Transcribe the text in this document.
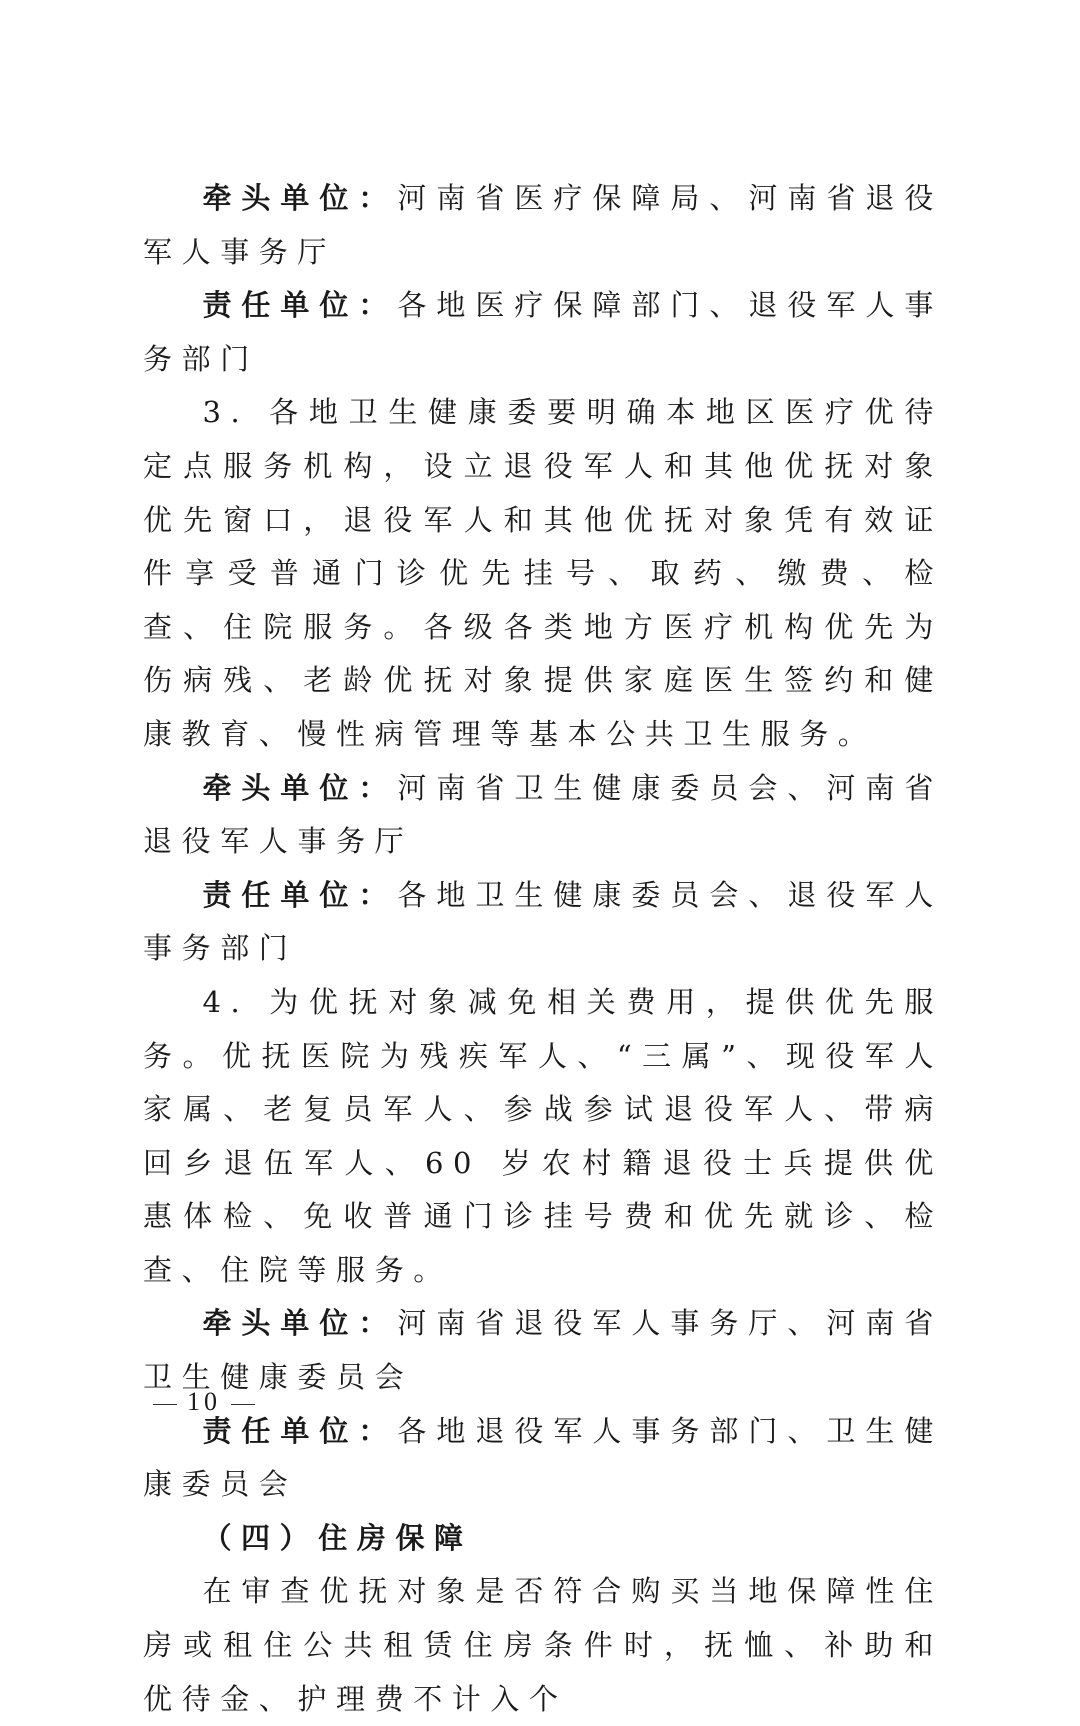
牵头单位：河南省医疗保障局、河南省退役军人事务厅

责任单位：各地医疗保障部门、退役军人事务部门

3. 各地卫生健康委要明确本地区医疗优待定点服务机构，设立退役军人和其他优抚对象优先窗口，退役军人和其他优抚对象凭有效证件享受普通门诊优先挂号、取药、缴费、检查、住院服务。各级各类地方医疗机构优先为伤病残、老龄优抚对象提供家庭医生签约和健康教育、慢性病管理等基本公共卫生服务。

牵头单位：河南省卫生健康委员会、河南省退役军人事务厅

责任单位：各地卫生健康委员会、退役军人事务部门

4. 为优抚对象减免相关费用，提供优先服务。优抚医院为残疾军人、“三属”、现役军人家属、老复员军人、参战参试退役军人、带病回乡退伍军人、60 岁农村籍退役士兵提供优惠体检、免收普通门诊挂号费和优先就诊、检查、住院等服务。

牵头单位：河南省退役军人事务厅、河南省卫生健康委员会

责任单位：各地退役军人事务部门、卫生健康委员会

（四）住房保障

在审查优抚对象是否符合购买当地保障性住房或租住公共租赁住房条件时，抚恤、补助和优待金、护理费不计入个

10
